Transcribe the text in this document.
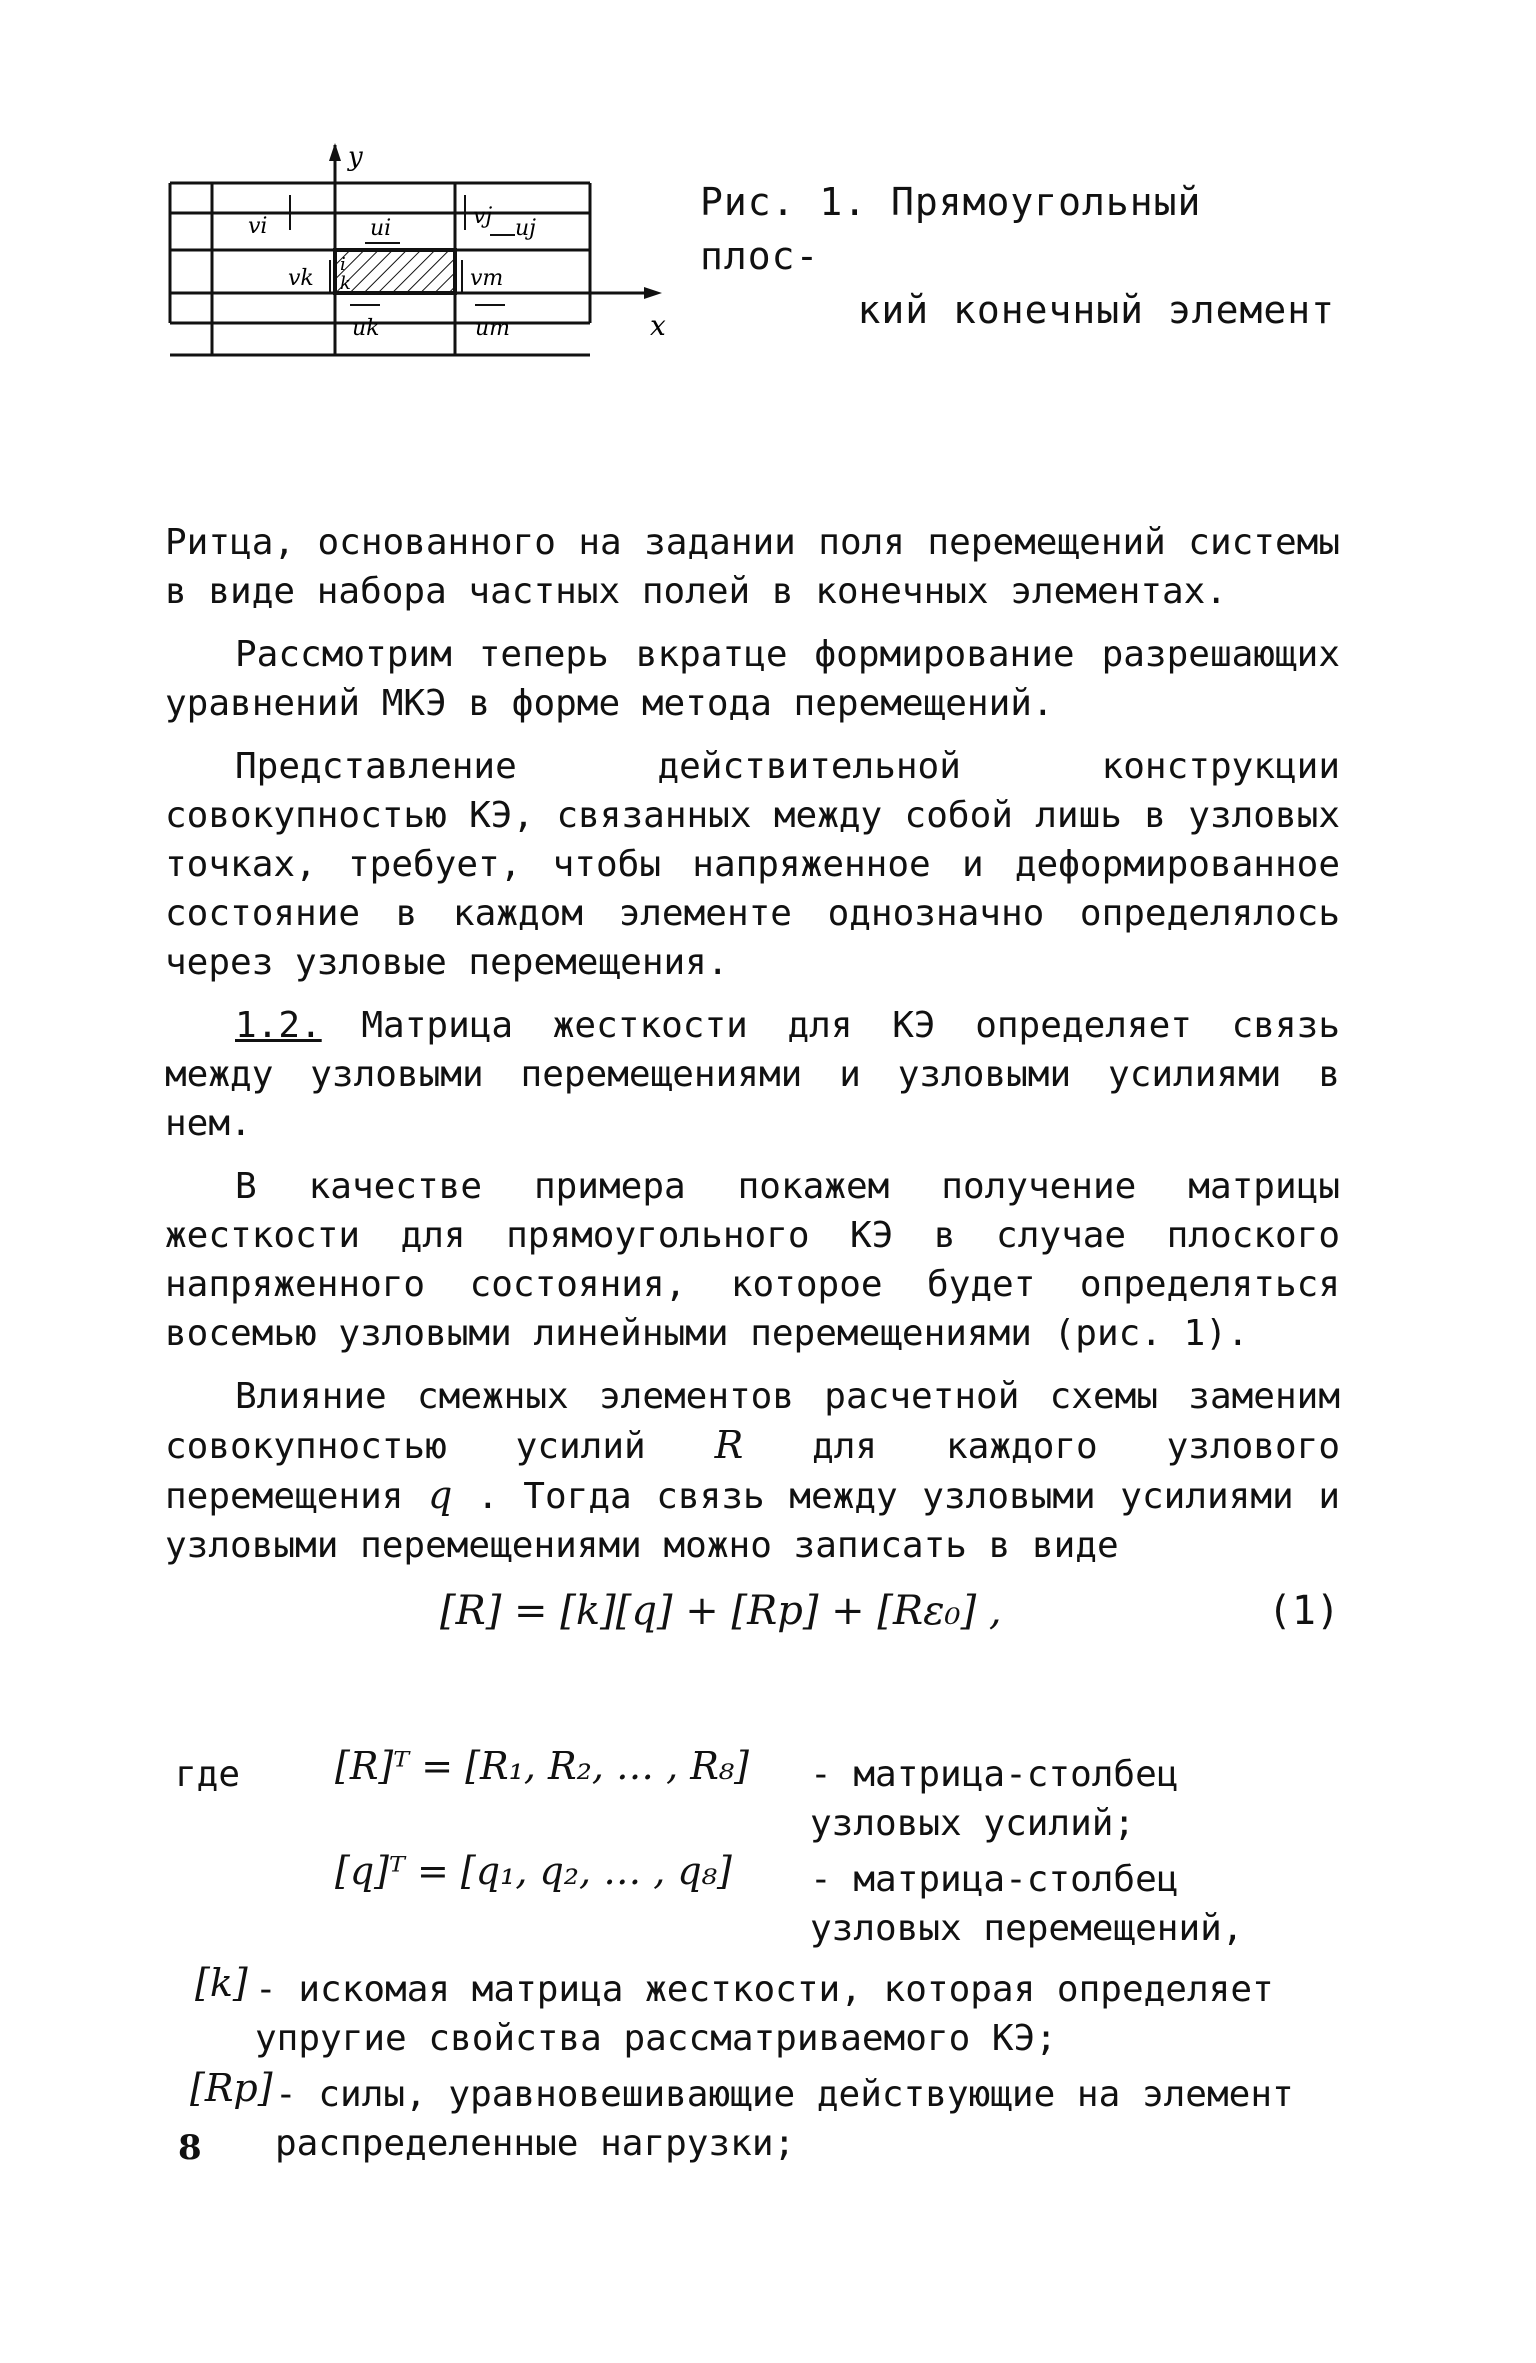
y
x
vi	ui	vj uj
vk	vm
uk	um
i
k
Рис. 1. Прямоугольный плос-
кий конечный элемент

Ритца, основанного на задании поля перемещений системы в виде набора частных полей в конечных элементах.

Рассмотрим теперь вкратце формирование разрешающих уравнений МКЭ в форме метода перемещений.

Представление действительной конструкции совокупностью КЭ, связанных между собой лишь в узловых точках, требует, чтобы напряженное и деформированное состояние в каждом элементе однозначно определялось через узловые перемещения.

1.2. Матрица жесткости для КЭ определяет связь между узловыми перемещениями и узловыми усилиями в нем.

В качестве примера покажем получение матрицы жесткости для прямоугольного КЭ в случае плоского напряженного состояния, которое будет определяться восемью узловыми линейными перемещениями (рис. 1).

Влияние смежных элементов расчетной схемы заменим совокупностью усилий R для каждого узлового перемещения q . Тогда связь между узловыми усилиями и узловыми перемещениями можно записать в виде

[R] = [k][q] + [Rp] + [Rε₀] ,	(1)
где [R]ᵀ = [R₁, R₂, … , R₈] - матрица-столбец узловых усилий;
[q]ᵀ = [q₁, q₂, … , q₈] - матрица-столбец узловых перемещений,
[k] - искомая матрица жесткости, которая определяет упругие свойства рассматриваемого КЭ;
[Rp] - силы, уравновешивающие действующие на элемент распределенные нагрузки;
8
